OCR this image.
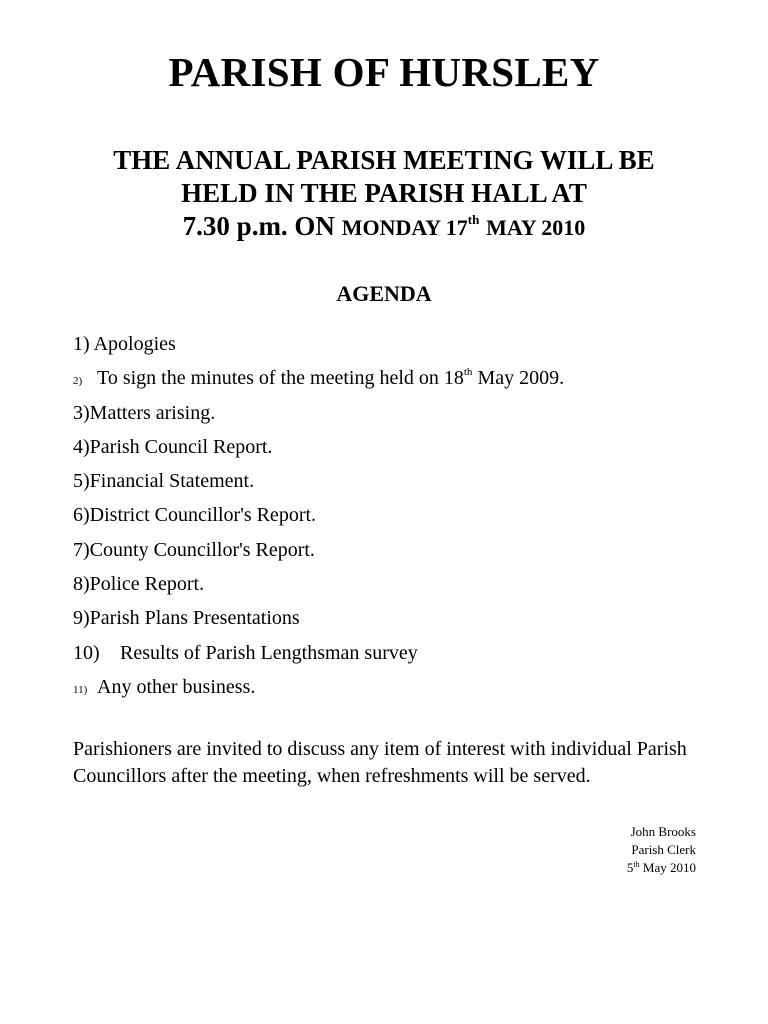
PARISH OF HURSLEY
THE ANNUAL PARISH MEETING WILL BE
HELD IN THE PARISH HALL AT
7.30 p.m. ON MONDAY 17th MAY 2010
AGENDA
1) Apologies
2) To sign the minutes of the meeting held on 18th May 2009.
3)Matters arising.
4)Parish Council Report.
5)Financial Statement.
6)District Councillor's Report.
7)County Councillor's Report.
8)Police Report.
9)Parish Plans Presentations
10) Results of Parish Lengthsman survey
11) Any other business.

Parishioners are invited to discuss any item of interest with individual Parish Councillors after the meeting, when refreshments will be served.

John Brooks
Parish Clerk
5th May 2010
